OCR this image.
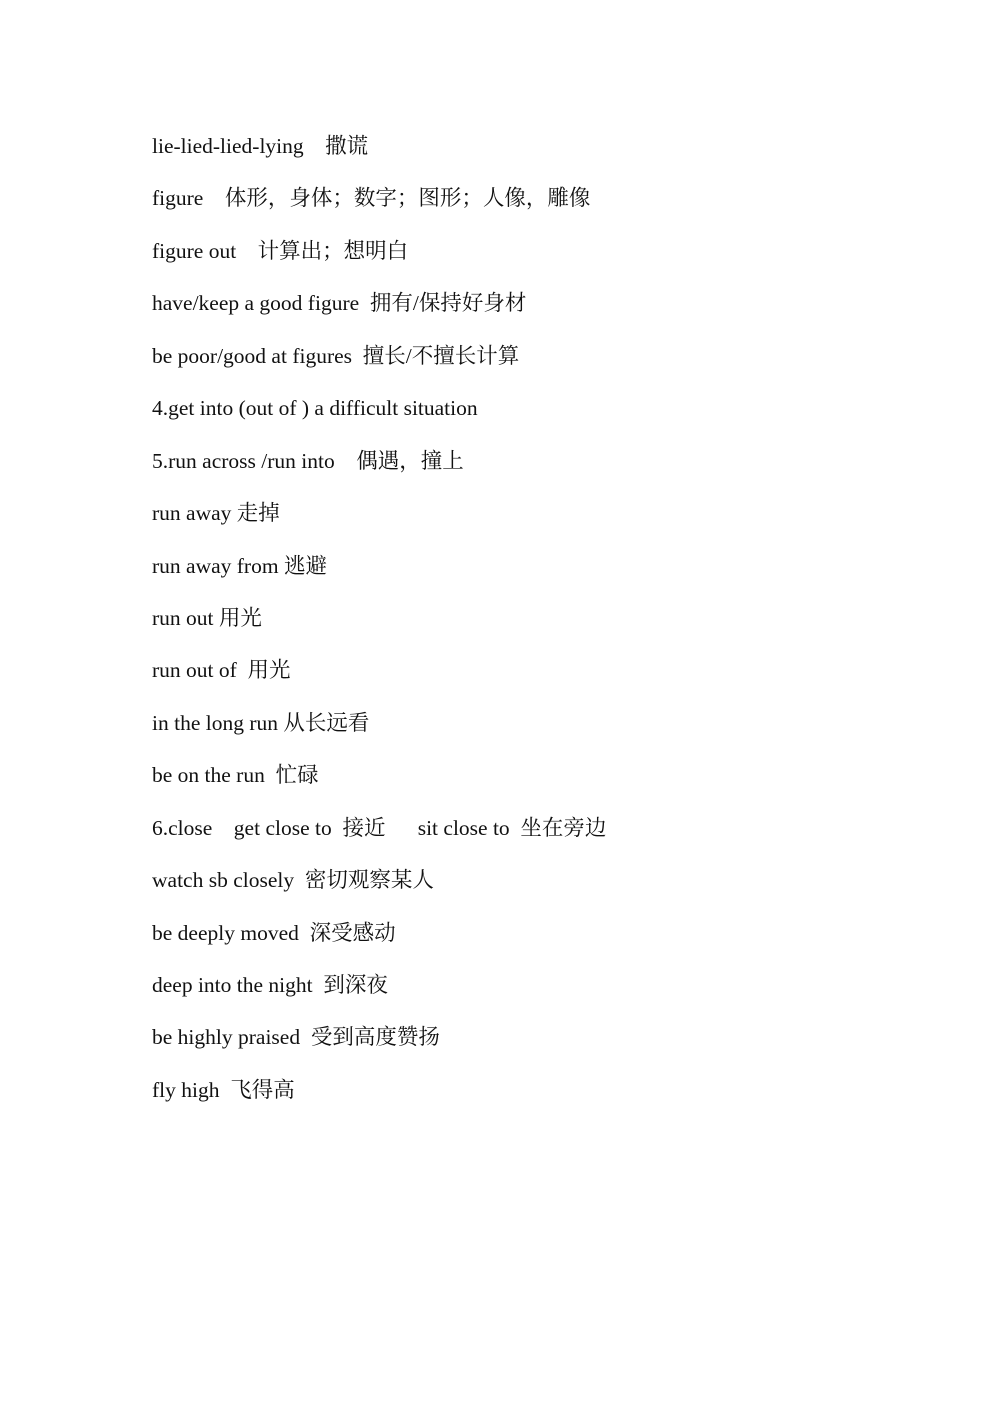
lie-lied-lied-lying    撒谎
figure    体形，身体；数字；图形；人像，雕像
figure out    计算出；想明白
have/keep a good figure  拥有/保持好身材
be poor/good at figures  擅长/不擅长计算
4.get into (out of ) a difficult situation
5.run across /run into    偶遇，撞上
run away 走掉
run away from 逃避
run out 用光
run out of  用光
in the long run 从长远看
be on the run  忙碌
6.close    get close to  接近      sit close to  坐在旁边
watch sb closely  密切观察某人
be deeply moved  深受感动
deep into the night  到深夜
be highly praised  受到高度赞扬
fly high  飞得高
